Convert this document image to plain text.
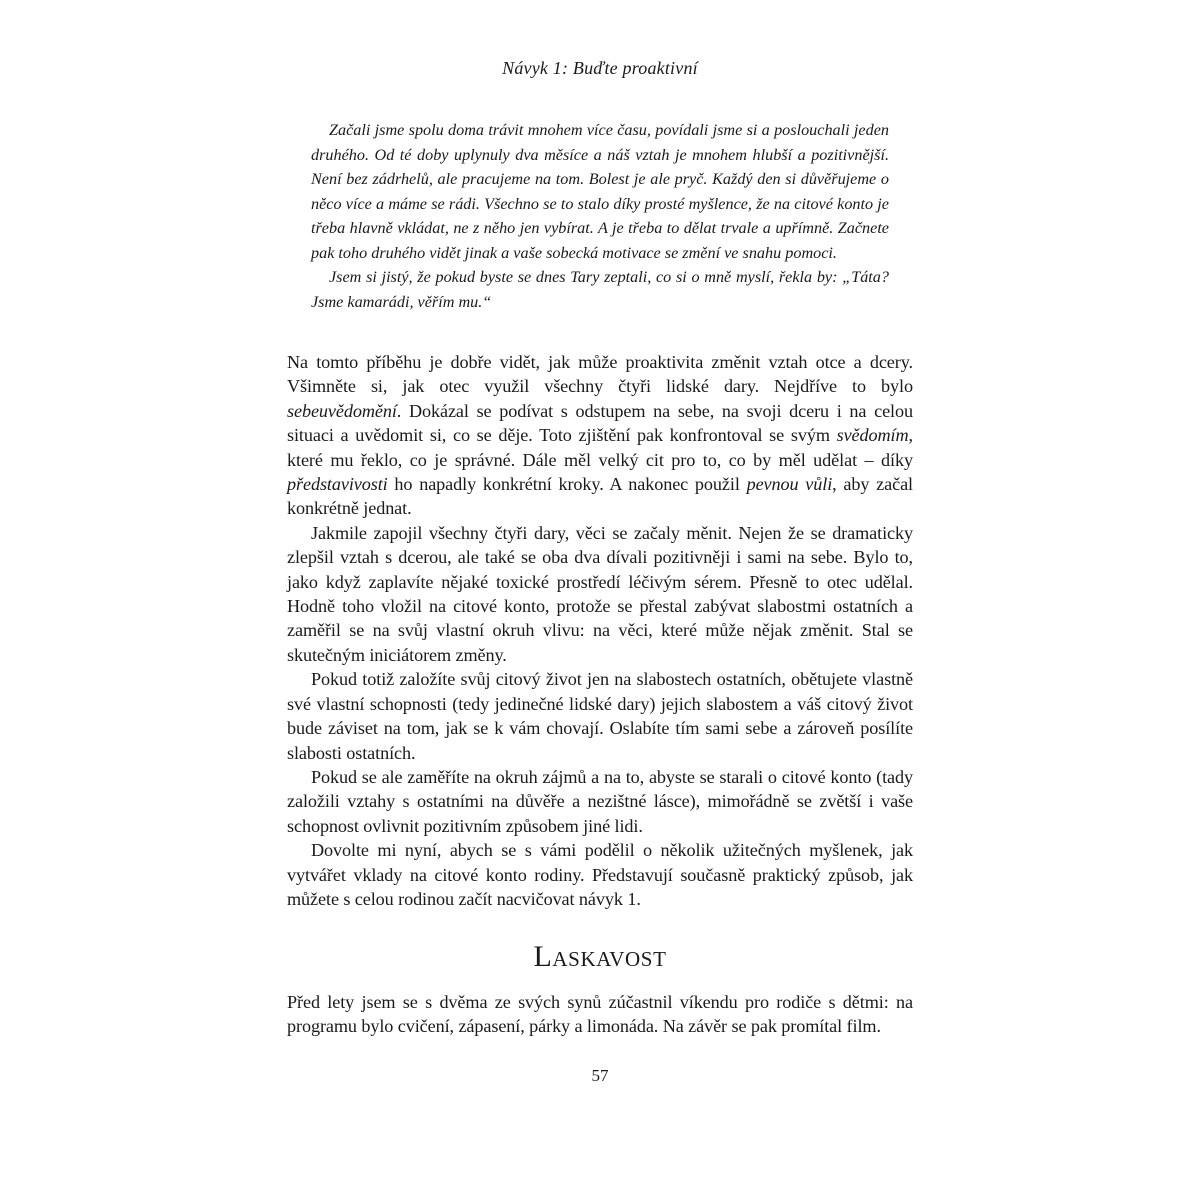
Návyk 1: Buďte proaktivní

Začali jsme spolu doma trávit mnohem více času, povídali jsme si a poslouchali jeden druhého. Od té doby uplynuly dva měsíce a náš vztah je mnohem hlubší a pozitivnější. Není bez zádrhelů, ale pracujeme na tom. Bolest je ale pryč. Každý den si důvěřujeme o něco více a máme se rádi. Všechno se to stalo díky prosté myšlence, že na citové konto je třeba hlavně vkládat, ne z něho jen vybírat. A je třeba to dělat trvale a upřímně. Začnete pak toho druhého vidět jinak a vaše sobecká motivace se změní ve snahu pomoci.

Jsem si jistý, že pokud byste se dnes Tary zeptali, co si o mně myslí, řekla by: „Táta? Jsme kamarádi, věřím mu.“

Na tomto příběhu je dobře vidět, jak může proaktivita změnit vztah otce a dcery. Všimněte si, jak otec využil všechny čtyři lidské dary. Nejdříve to bylo sebeuvědomění. Dokázal se podívat s odstupem na sebe, na svoji dceru i na celou situaci a uvědomit si, co se děje. Toto zjištění pak konfrontoval se svým svědomím, které mu řeklo, co je správné. Dále měl velký cit pro to, co by měl udělat – díky představivosti ho napadly konkrétní kroky. A nakonec použil pevnou vůli, aby začal konkrétně jednat.

Jakmile zapojil všechny čtyři dary, věci se začaly měnit. Nejen že se dramaticky zlepšil vztah s dcerou, ale také se oba dva dívali pozitivněji i sami na sebe. Bylo to, jako když zaplavíte nějaké toxické prostředí léčivým sérem. Přesně to otec udělal. Hodně toho vložil na citové konto, protože se přestal zabývat slabostmi ostatních a zaměřil se na svůj vlastní okruh vlivu: na věci, které může nějak změnit. Stal se skutečným iniciátorem změny.

Pokud totiž založíte svůj citový život jen na slabostech ostatních, obětujete vlastně své vlastní schopnosti (tedy jedinečné lidské dary) jejich slabostem a váš citový život bude záviset na tom, jak se k vám chovají. Oslabíte tím sami sebe a zároveň posílíte slabosti ostatních.

Pokud se ale zaměříte na okruh zájmů a na to, abyste se starali o citové konto (tady založili vztahy s ostatními na důvěře a nezištné lásce), mimořádně se zvětší i vaše schopnost ovlivnit pozitivním způsobem jiné lidi.

Dovolte mi nyní, abych se s vámi podělil o několik užitečných myšlenek, jak vytvářet vklady na citové konto rodiny. Představují současně praktický způsob, jak můžete s celou rodinou začít nacvičovat návyk 1.

Laskavost

Před lety jsem se s dvěma ze svých synů zúčastnil víkendu pro rodiče s dětmi: na programu bylo cvičení, zápasení, párky a limonáda. Na závěr se pak promítal film.

57
